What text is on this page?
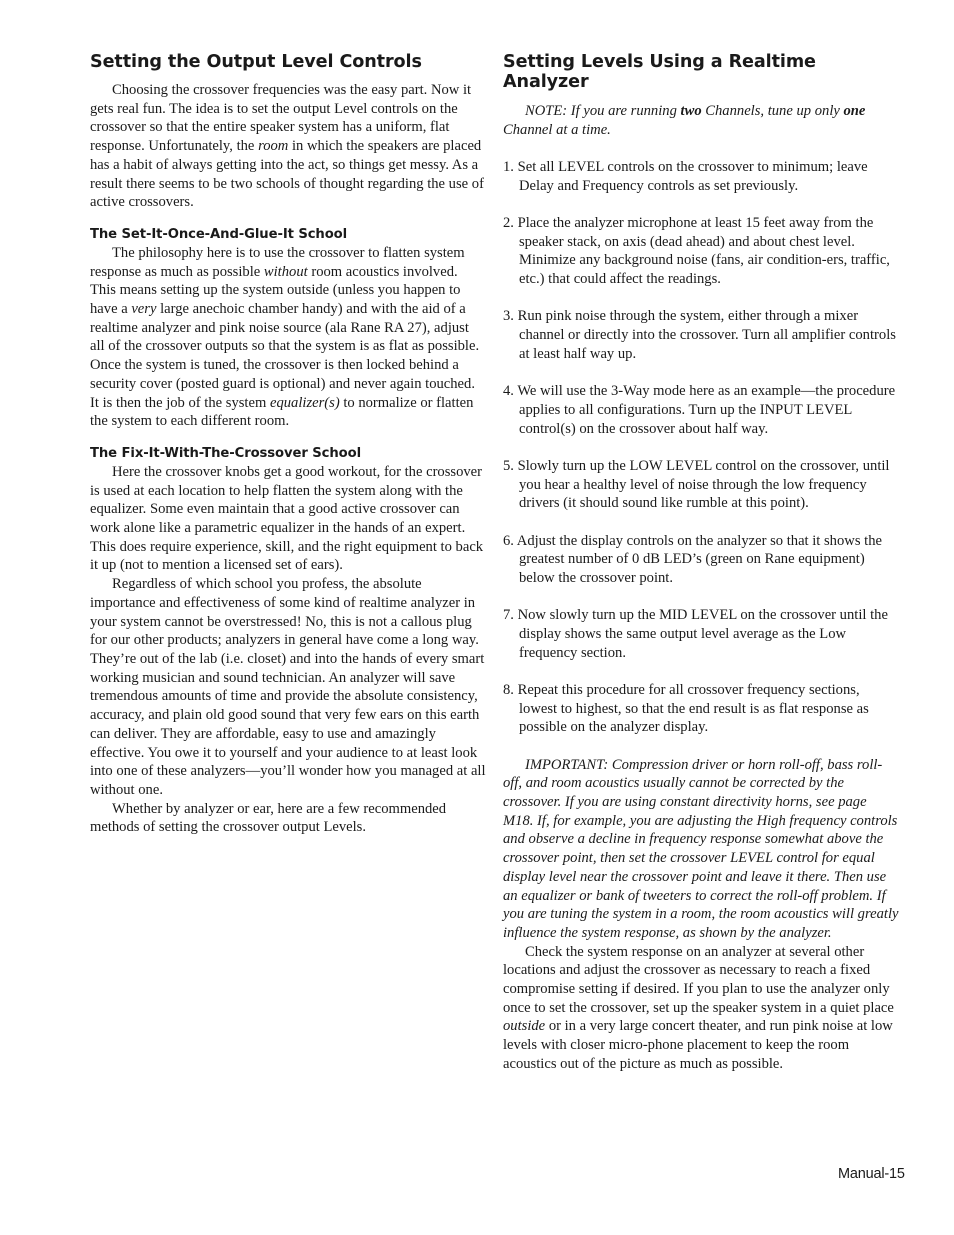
Setting the Output Level Controls

Choosing the crossover frequencies was the easy part. Now it gets real fun. The idea is to set the output Level controls on the crossover so that the entire speaker system has a uniform, flat response. Unfortunately, the room in which the speakers are placed has a habit of always getting into the act, so things get messy. As a result there seems to be two schools of thought regarding the use of active crossovers.

The Set-It-Once-And-Glue-It School

The philosophy here is to use the crossover to flatten system response as much as possible without room acoustics involved. This means setting up the system outside (unless you happen to have a very large anechoic chamber handy) and with the aid of a realtime analyzer and pink noise source (ala Rane RA 27), adjust all of the crossover outputs so that the system is as flat as possible. Once the system is tuned, the crossover is then locked behind a security cover (posted guard is optional) and never again touched. It is then the job of the system equalizer(s) to normalize or flatten the system to each different room.

The Fix-It-With-The-Crossover School

Here the crossover knobs get a good workout, for the crossover is used at each location to help flatten the system along with the equalizer. Some even maintain that a good active crossover can work alone like a parametric equalizer in the hands of an expert. This does require experience, skill, and the right equipment to back it up (not to mention a licensed set of ears).

Regardless of which school you profess, the absolute importance and effectiveness of some kind of realtime analyzer in your system cannot be overstressed! No, this is not a callous plug for our other products; analyzers in general have come a long way. They’re out of the lab (i.e. closet) and into the hands of every smart working musician and sound technician. An analyzer will save tremendous amounts of time and provide the absolute consistency, accuracy, and plain old good sound that very few ears on this earth can deliver. They are affordable, easy to use and amazingly effective. You owe it to yourself and your audience to at least look into one of these analyzers—you’ll wonder how you managed at all without one.

Whether by analyzer or ear, here are a few recommended methods of setting the crossover output Levels.

Setting Levels Using a Realtime Analyzer

NOTE: If you are running two Channels, tune up only one Channel at a time.

1. Set all LEVEL controls on the crossover to minimum; leave Delay and Frequency controls as set previously.
2. Place the analyzer microphone at least 15 feet away from the speaker stack, on axis (dead ahead) and about chest level. Minimize any background noise (fans, air condition-ers, traffic, etc.) that could affect the readings.
3. Run pink noise through the system, either through a mixer channel or directly into the crossover. Turn all amplifier controls at least half way up.
4. We will use the 3-Way mode here as an example—the procedure applies to all configurations. Turn up the INPUT LEVEL control(s) on the crossover about half way.
5. Slowly turn up the LOW LEVEL control on the crossover, until you hear a healthy level of noise through the low frequency drivers (it should sound like rumble at this point).
6. Adjust the display controls on the analyzer so that it shows the greatest number of 0 dB LED’s (green on Rane equipment) below the crossover point.
7. Now slowly turn up the MID LEVEL on the crossover until the display shows the same output level average as the Low frequency section.
8. Repeat this procedure for all crossover frequency sections, lowest to highest, so that the end result is as flat response as possible on the analyzer display.

IMPORTANT: Compression driver or horn roll-off, bass roll-off, and room acoustics usually cannot be corrected by the crossover. If you are using constant directivity horns, see page M18. If, for example, you are adjusting the High frequency controls and observe a decline in frequency response somewhat above the crossover point, then set the crossover LEVEL control for equal display level near the crossover point and leave it there. Then use an equalizer or bank of tweeters to correct the roll-off problem. If you are tuning the system in a room, the room acoustics will greatly influence the system response, as shown by the analyzer.

Check the system response on an analyzer at several other locations and adjust the crossover as necessary to reach a fixed compromise setting if desired. If you plan to use the analyzer only once to set the crossover, set up the speaker system in a quiet place outside or in a very large concert theater, and run pink noise at low levels with closer micro-phone placement to keep the room acoustics out of the picture as much as possible.

Manual-15
